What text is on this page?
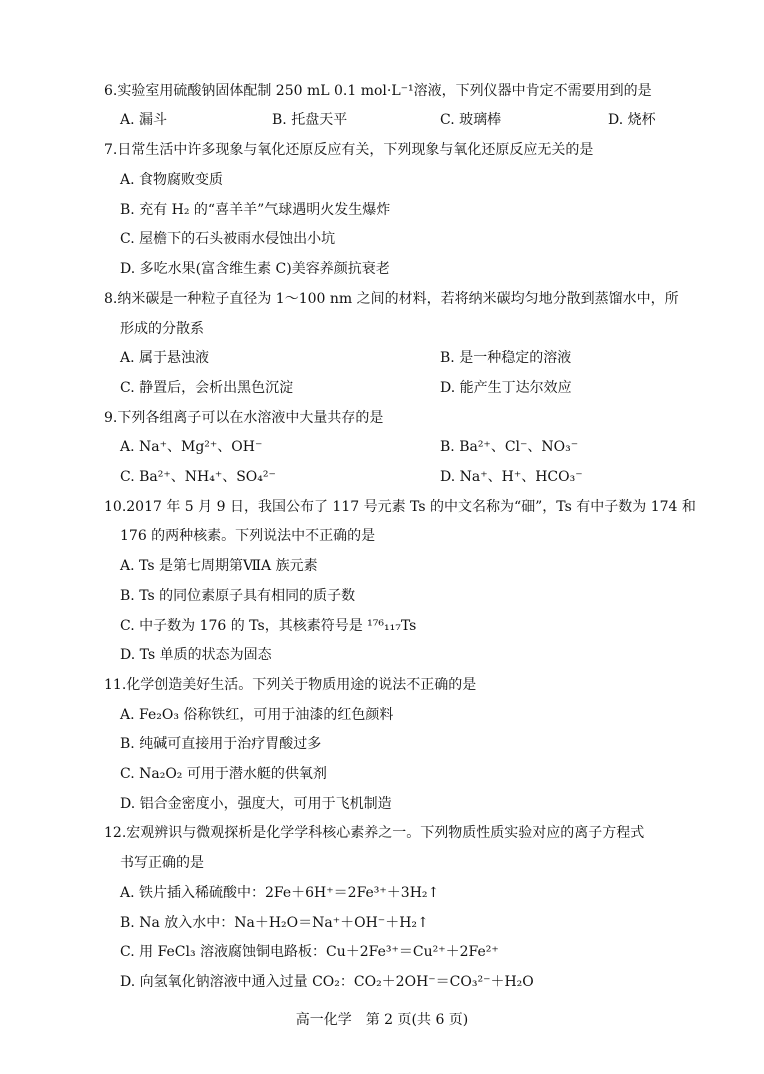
6.实验室用硫酸钠固体配制 250 mL 0.1 mol·L⁻¹溶液，下列仪器中肯定不需要用到的是
A. 漏斗	B. 托盘天平	C. 玻璃棒	D. 烧杯
7.日常生活中许多现象与氧化还原反应有关，下列现象与氧化还原反应无关的是
A. 食物腐败变质
B. 充有 H₂ 的“喜羊羊”气球遇明火发生爆炸
C. 屋檐下的石头被雨水侵蚀出小坑
D. 多吃水果(富含维生素 C)美容养颜抗衰老
8.纳米碳是一种粒子直径为 1～100 nm 之间的材料，若将纳米碳均匀地分散到蒸馏水中，所
形成的分散系
A. 属于悬浊液	B. 是一种稳定的溶液
C. 静置后，会析出黑色沉淀	D. 能产生丁达尔效应
9.下列各组离子可以在水溶液中大量共存的是
A. Na⁺、Mg²⁺、OH⁻	B. Ba²⁺、Cl⁻、NO₃⁻
C. Ba²⁺、NH₄⁺、SO₄²⁻	D. Na⁺、H⁺、HCO₃⁻
10.2017 年 5 月 9 日，我国公布了 117 号元素 Ts 的中文名称为“鿬”，Ts 有中子数为 174 和
176 的两种核素。下列说法中不正确的是
A. Ts 是第七周期第ⅦA 族元素
B. Ts 的同位素原子具有相同的质子数
C. 中子数为 176 的 Ts，其核素符号是 ¹⁷⁶₁₁₇Ts
D. Ts 单质的状态为固态
11.化学创造美好生活。下列关于物质用途的说法不正确的是
A. Fe₂O₃ 俗称铁红，可用于油漆的红色颜料
B. 纯碱可直接用于治疗胃酸过多
C. Na₂O₂ 可用于潜水艇的供氧剂
D. 铝合金密度小，强度大，可用于飞机制造
12.宏观辨识与微观探析是化学学科核心素养之一。下列物质性质实验对应的离子方程式
书写正确的是
A. 铁片插入稀硫酸中：2Fe＋6H⁺＝2Fe³⁺＋3H₂↑
B. Na 放入水中：Na＋H₂O＝Na⁺＋OH⁻＋H₂↑
C. 用 FeCl₃ 溶液腐蚀铜电路板：Cu＋2Fe³⁺＝Cu²⁺＋2Fe²⁺
D. 向氢氧化钠溶液中通入过量 CO₂：CO₂＋2OH⁻＝CO₃²⁻＋H₂O
高一化学　第 2 页(共 6 页)
